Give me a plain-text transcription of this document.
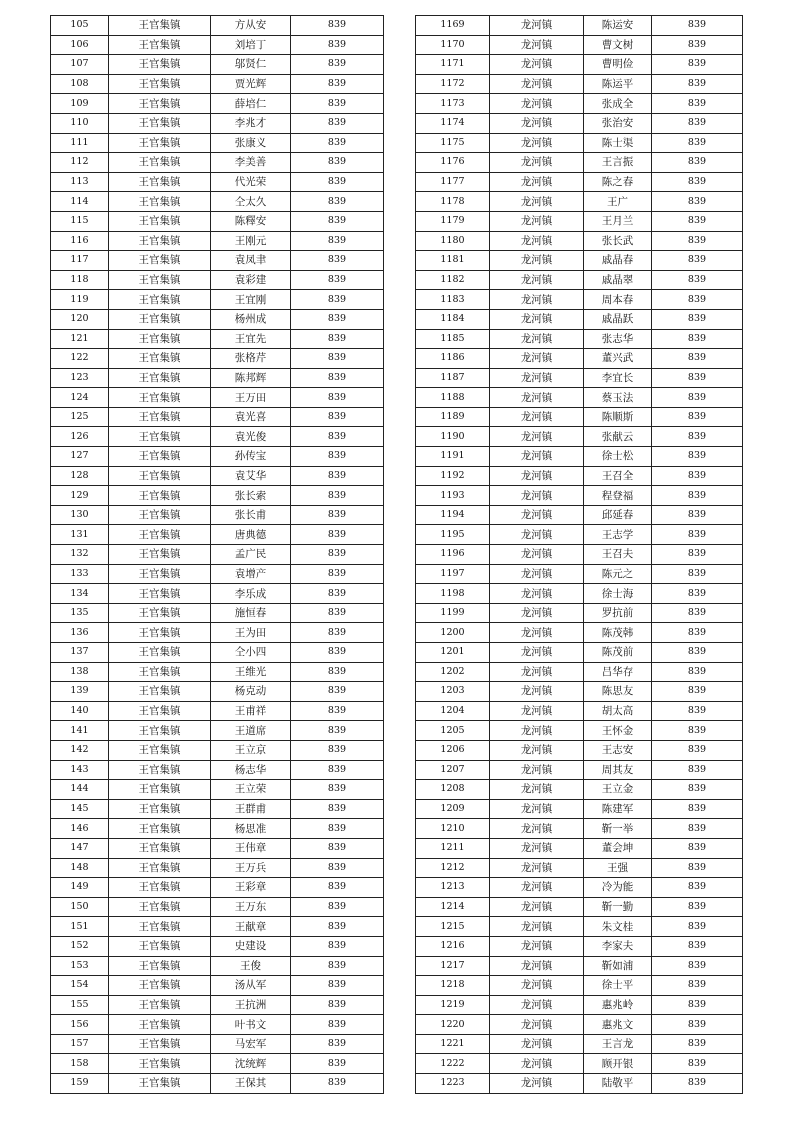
105	王官集镇	方从安	839
106	王官集镇	刘培丁	839
107	王官集镇	邬贤仁	839
108	王官集镇	贾光辉	839
109	王官集镇	薛培仁	839
110	王官集镇	李兆才	839
111	王官集镇	张康义	839
112	王官集镇	李美善	839
113	王官集镇	代光荣	839
114	王官集镇	仝太久	839
115	王官集镇	陈釋安	839
116	王官集镇	王刚元	839
117	王官集镇	袁凤聿	839
118	王官集镇	袁彩建	839
119	王官集镇	王宜刚	839
120	王官集镇	杨州成	839
121	王官集镇	王宜先	839
122	王官集镇	张格芹	839
123	王官集镇	陈邦辉	839
124	王官集镇	王万田	839
125	王官集镇	袁光喜	839
126	王官集镇	袁光俊	839
127	王官集镇	孙传宝	839
128	王官集镇	袁艾华	839
129	王官集镇	张长索	839
130	王官集镇	张长甫	839
131	王官集镇	唐典德	839
132	王官集镇	孟广民	839
133	王官集镇	袁增产	839
134	王官集镇	李乐成	839
135	王官集镇	施恒春	839
136	王官集镇	王为田	839
137	王官集镇	仝小四	839
138	王官集镇	王维光	839
139	王官集镇	杨克动	839
140	王官集镇	王甫祥	839
141	王官集镇	王道席	839
142	王官集镇	王立京	839
143	王官集镇	杨志华	839
144	王官集镇	王立荣	839
145	王官集镇	王群甫	839
146	王官集镇	杨思准	839
147	王官集镇	王伟章	839
148	王官集镇	王万兵	839
149	王官集镇	王彩章	839
150	王官集镇	王万东	839
151	王官集镇	王献章	839
152	王官集镇	史建设	839
153	王官集镇	王俊	839
154	王官集镇	汤从军	839
155	王官集镇	王抗洲	839
156	王官集镇	叶书文	839
157	王官集镇	马宏军	839
158	王官集镇	沈统辉	839
159	王官集镇	王保其	839
1169	龙河镇	陈运安	839
1170	龙河镇	曹文树	839
1171	龙河镇	曹明俭	839
1172	龙河镇	陈运平	839
1173	龙河镇	张成全	839
1174	龙河镇	张治安	839
1175	龙河镇	陈士渠	839
1176	龙河镇	王言振	839
1177	龙河镇	陈之春	839
1178	龙河镇	王广	839
1179	龙河镇	王月兰	839
1180	龙河镇	张长武	839
1181	龙河镇	戚晶春	839
1182	龙河镇	戚晶翠	839
1183	龙河镇	周本春	839
1184	龙河镇	戚晶跃	839
1185	龙河镇	张志华	839
1186	龙河镇	董兴武	839
1187	龙河镇	李宜长	839
1188	龙河镇	蔡玉法	839
1189	龙河镇	陈顺斯	839
1190	龙河镇	张献云	839
1191	龙河镇	徐士松	839
1192	龙河镇	王召全	839
1193	龙河镇	程登福	839
1194	龙河镇	邱延春	839
1195	龙河镇	王志学	839
1196	龙河镇	王召夫	839
1197	龙河镇	陈元之	839
1198	龙河镇	徐士海	839
1199	龙河镇	罗抗前	839
1200	龙河镇	陈茂韩	839
1201	龙河镇	陈茂前	839
1202	龙河镇	吕华存	839
1203	龙河镇	陈思友	839
1204	龙河镇	胡太高	839
1205	龙河镇	王怀金	839
1206	龙河镇	王志安	839
1207	龙河镇	周其友	839
1208	龙河镇	王立金	839
1209	龙河镇	陈建军	839
1210	龙河镇	靳一举	839
1211	龙河镇	董会坤	839
1212	龙河镇	王强	839
1213	龙河镇	冷为能	839
1214	龙河镇	靳一勤	839
1215	龙河镇	朱文桂	839
1216	龙河镇	李家夫	839
1217	龙河镇	靳如浦	839
1218	龙河镇	徐士平	839
1219	龙河镇	惠兆岭	839
1220	龙河镇	惠兆文	839
1221	龙河镇	王言龙	839
1222	龙河镇	顾开银	839
1223	龙河镇	陆敬平	839
